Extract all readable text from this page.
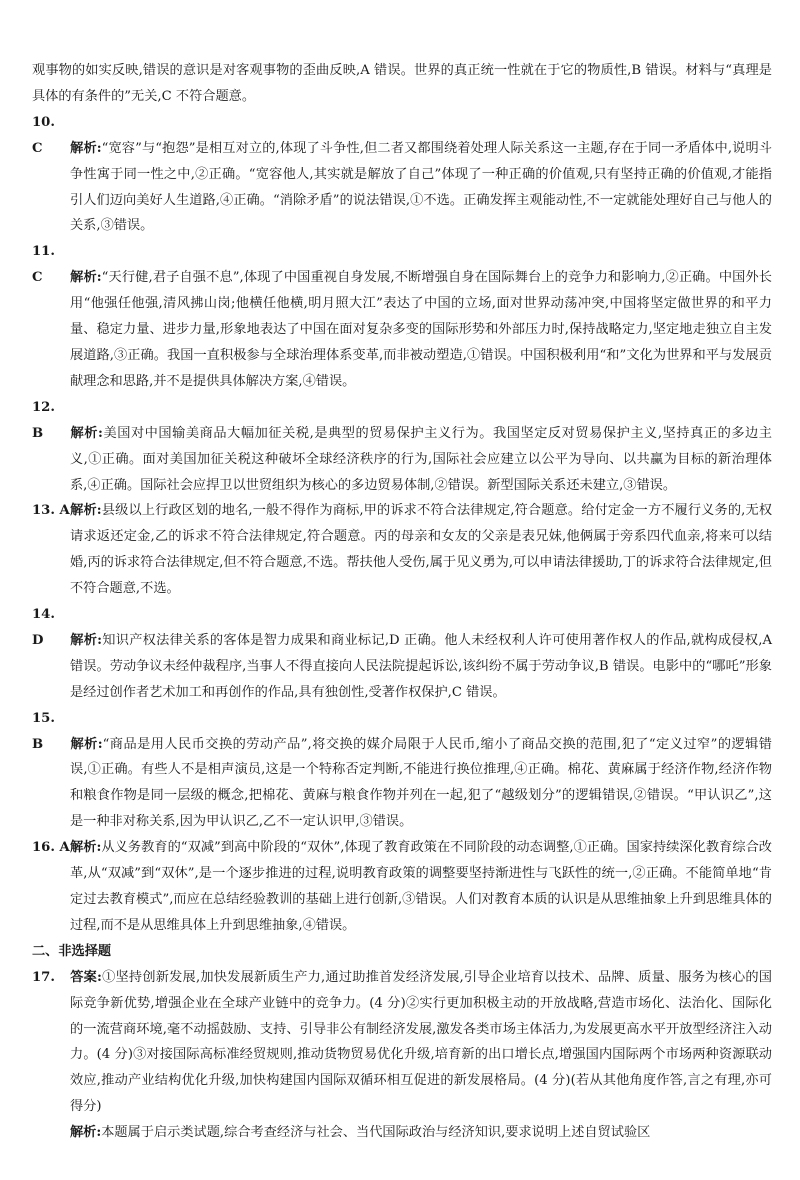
观事物的如实反映,错误的意识是对客观事物的歪曲反映,A 错误。世界的真正统一性就在于它的物质性,B 错误。材料与“真理是具体的有条件的”无关,C 不符合题意。

10. C 解析:“宽容”与“抱怨”是相互对立的,体现了斗争性,但二者又都围绕着处理人际关系这一主题,存在于同一矛盾体中,说明斗争性寓于同一性之中,②正确。“宽容他人,其实就是解放了自己”体现了一种正确的价值观,只有坚持正确的价值观,才能指引人们迈向美好人生道路,④正确。“消除矛盾”的说法错误,①不选。正确发挥主观能动性,不一定就能处理好自己与他人的关系,③错误。

11. C 解析:“天行健,君子自强不息”,体现了中国重视自身发展,不断增强自身在国际舞台上的竞争力和影响力,②正确。中国外长用“他强任他强,清风拂山岗;他横任他横,明月照大江”表达了中国的立场,面对世界动荡冲突,中国将坚定做世界的和平力量、稳定力量、进步力量,形象地表达了中国在面对复杂多变的国际形势和外部压力时,保持战略定力,坚定地走独立自主发展道路,③正确。我国一直积极参与全球治理体系变革,而非被动塑造,①错误。中国积极利用“和”文化为世界和平与发展贡献理念和思路,并不是提供具体解决方案,④错误。

12. B 解析:美国对中国输美商品大幅加征关税,是典型的贸易保护主义行为。我国坚定反对贸易保护主义,坚持真正的多边主义,①正确。面对美国加征关税这种破坏全球经济秩序的行为,国际社会应建立以公平为导向、以共赢为目标的新治理体系,④正确。国际社会应捍卫以世贸组织为核心的多边贸易体制,②错误。新型国际关系还未建立,③错误。

13. A解析:县级以上行政区划的地名,一般不得作为商标,甲的诉求不符合法律规定,符合题意。给付定金一方不履行义务的,无权请求返还定金,乙的诉求不符合法律规定,符合题意。丙的母亲和女友的父亲是表兄妹,他俩属于旁系四代血亲,将来可以结婚,丙的诉求符合法律规定,但不符合题意,不选。帮扶他人受伤,属于见义勇为,可以申请法律援助,丁的诉求符合法律规定,但不符合题意,不选。

14. D 解析:知识产权法律关系的客体是智力成果和商业标记,D 正确。他人未经权利人许可使用著作权人的作品,就构成侵权,A 错误。劳动争议未经仲裁程序,当事人不得直接向人民法院提起诉讼,该纠纷不属于劳动争议,B 错误。电影中的“哪吒”形象是经过创作者艺术加工和再创作的作品,具有独创性,受著作权保护,C 错误。

15. B 解析:“商品是用人民币交换的劳动产品”,将交换的媒介局限于人民币,缩小了商品交换的范围,犯了“定义过窄”的逻辑错误,①正确。有些人不是相声演员,这是一个特称否定判断,不能进行换位推理,④正确。棉花、黄麻属于经济作物,经济作物和粮食作物是同一层级的概念,把棉花、黄麻与粮食作物并列在一起,犯了“越级划分”的逻辑错误,②错误。“甲认识乙”,这是一种非对称关系,因为甲认识乙,乙不一定认识甲,③错误。

16. A解析:从义务教育的“双减”到高中阶段的“双休”,体现了教育政策在不同阶段的动态调整,①正确。国家持续深化教育综合改革,从“双减”到“双休”,是一个逐步推进的过程,说明教育政策的调整要坚持渐进性与飞跃性的统一,②正确。不能简单地“肯定过去教育模式”,而应在总结经验教训的基础上进行创新,③错误。人们对教育本质的认识是从思维抽象上升到思维具体的过程,而不是从思维具体上升到思维抽象,④错误。

二、非选择题

17. 答案:①坚持创新发展,加快发展新质生产力,通过助推首发经济发展,引导企业培育以技术、品牌、质量、服务为核心的国际竞争新优势,增强企业在全球产业链中的竞争力。(4 分)②实行更加积极主动的开放战略,营造市场化、法治化、国际化的一流营商环境,毫不动摇鼓励、支持、引导非公有制经济发展,激发各类市场主体活力,为发展更高水平开放型经济注入动力。(4 分)③对接国际高标准经贸规则,推动货物贸易优化升级,培育新的出口增长点,增强国内国际两个市场两种资源联动效应,推动产业结构优化升级,加快构建国内国际双循环相互促进的新发展格局。(4 分)(若从其他角度作答,言之有理,亦可得分)

解析:本题属于启示类试题,综合考查经济与社会、当代国际政治与经济知识,要求说明上述自贸试验区
